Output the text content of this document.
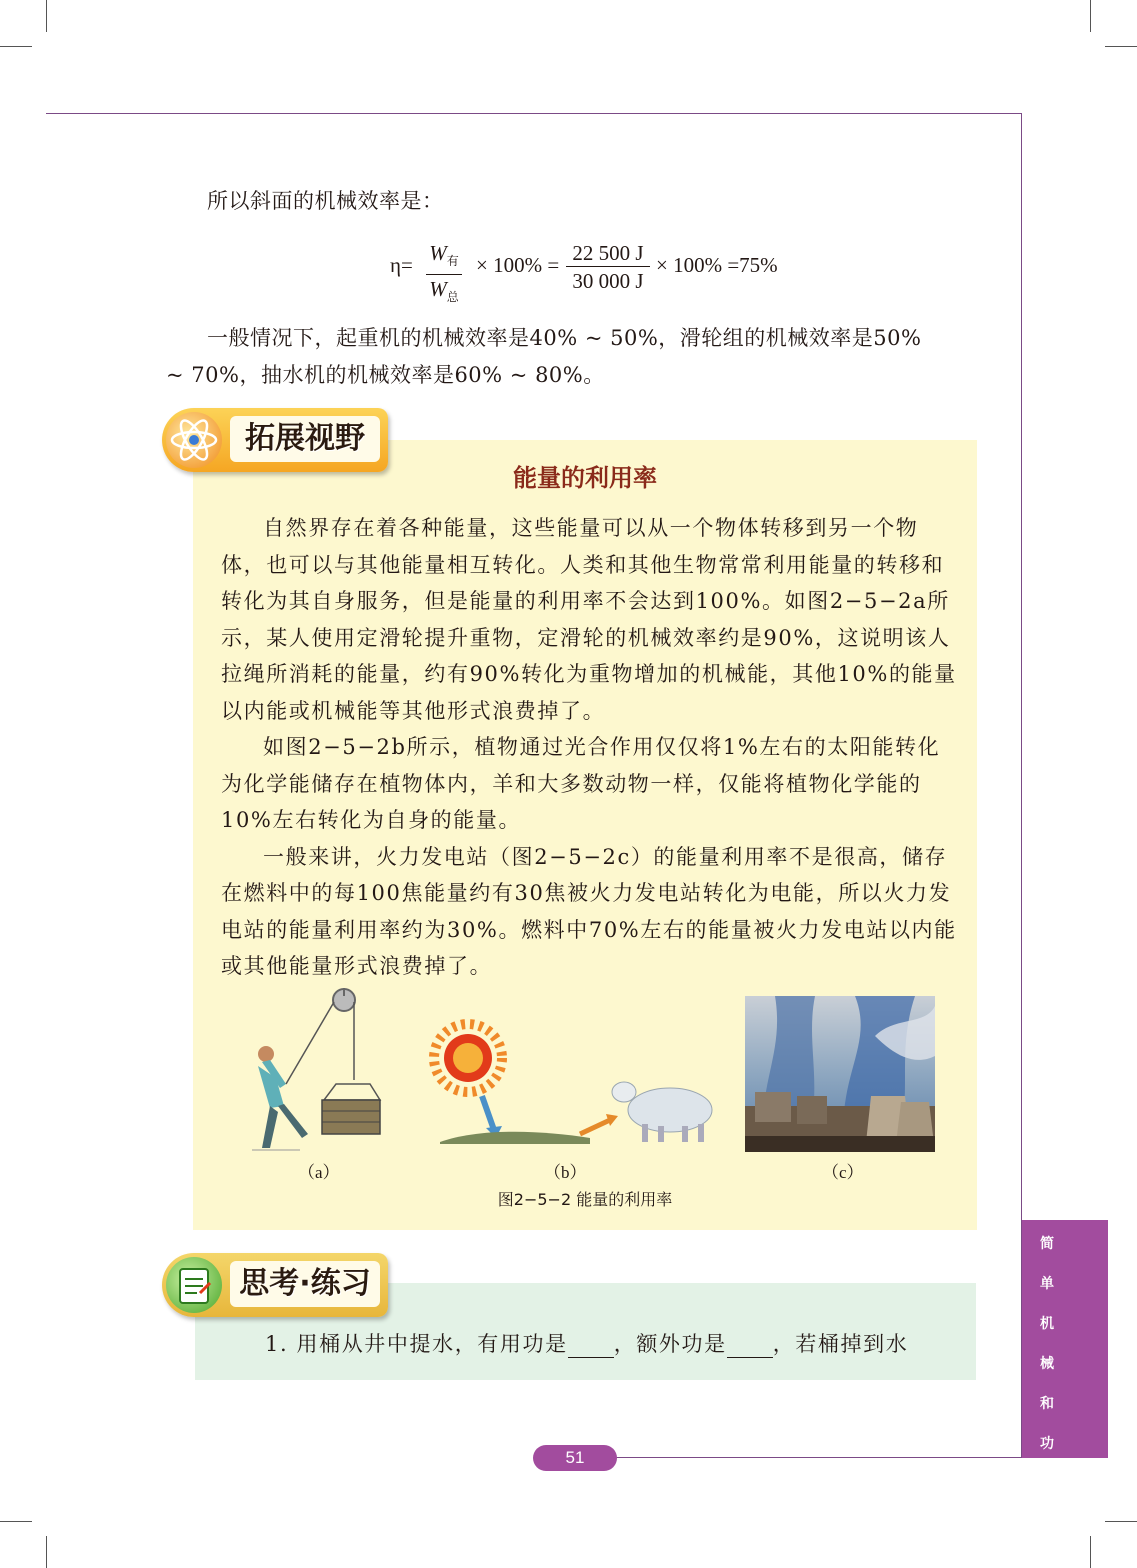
所以斜面的机械效率是：
$\eta= W_有$
$W_总$
× $100\% = \frac{22 500 J}{30 000 J} \times 100\% =75\%$
一般情况下，起重机的机械效率是40% ~ 50%，滑轮组的机械效率是50%
~ 70%，抽水机的机械效率是60% ~ 80%。
拓展视野
能量的利用率

自然界存在着各种能量，这些能量可以从一个物体转移到另一个物体，也可以与其他能量相互转化。人类和其他生物常常利用能量的转移和转化为其自身服务，但是能量的利用率不会达到100%。如图2−5−2a所示，某人使用定滑轮提升重物，定滑轮的机械效率约是90%，这说明该人拉绳所消耗的能量，约有90%转化为重物增加的机械能，其他10%的能量以内能或机械能等其他形式浪费掉了。

如图2−5−2b所示，植物通过光合作用仅仅将1%左右的太阳能转化为化学能储存在植物体内，羊和大多数动物一样，仅能将植物化学能的10%左右转化为自身的能量。

一般来讲，火力发电站（图2−5−2c）的能量利用率不是很高，储存在燃料中的每100焦能量约有30焦被火力发电站转化为电能，所以火力发电站的能量利用率约为30%。燃料中70%左右的能量被火力发电站以内能或其他能量形式浪费掉了。

（a）	（b）	（c）
图2−5−2 能量的利用率
思考·练习
1. 用桶从井中提水，有用功是 ，额外功是 ，若桶掉到水
简
单
机
械
和
功
51
